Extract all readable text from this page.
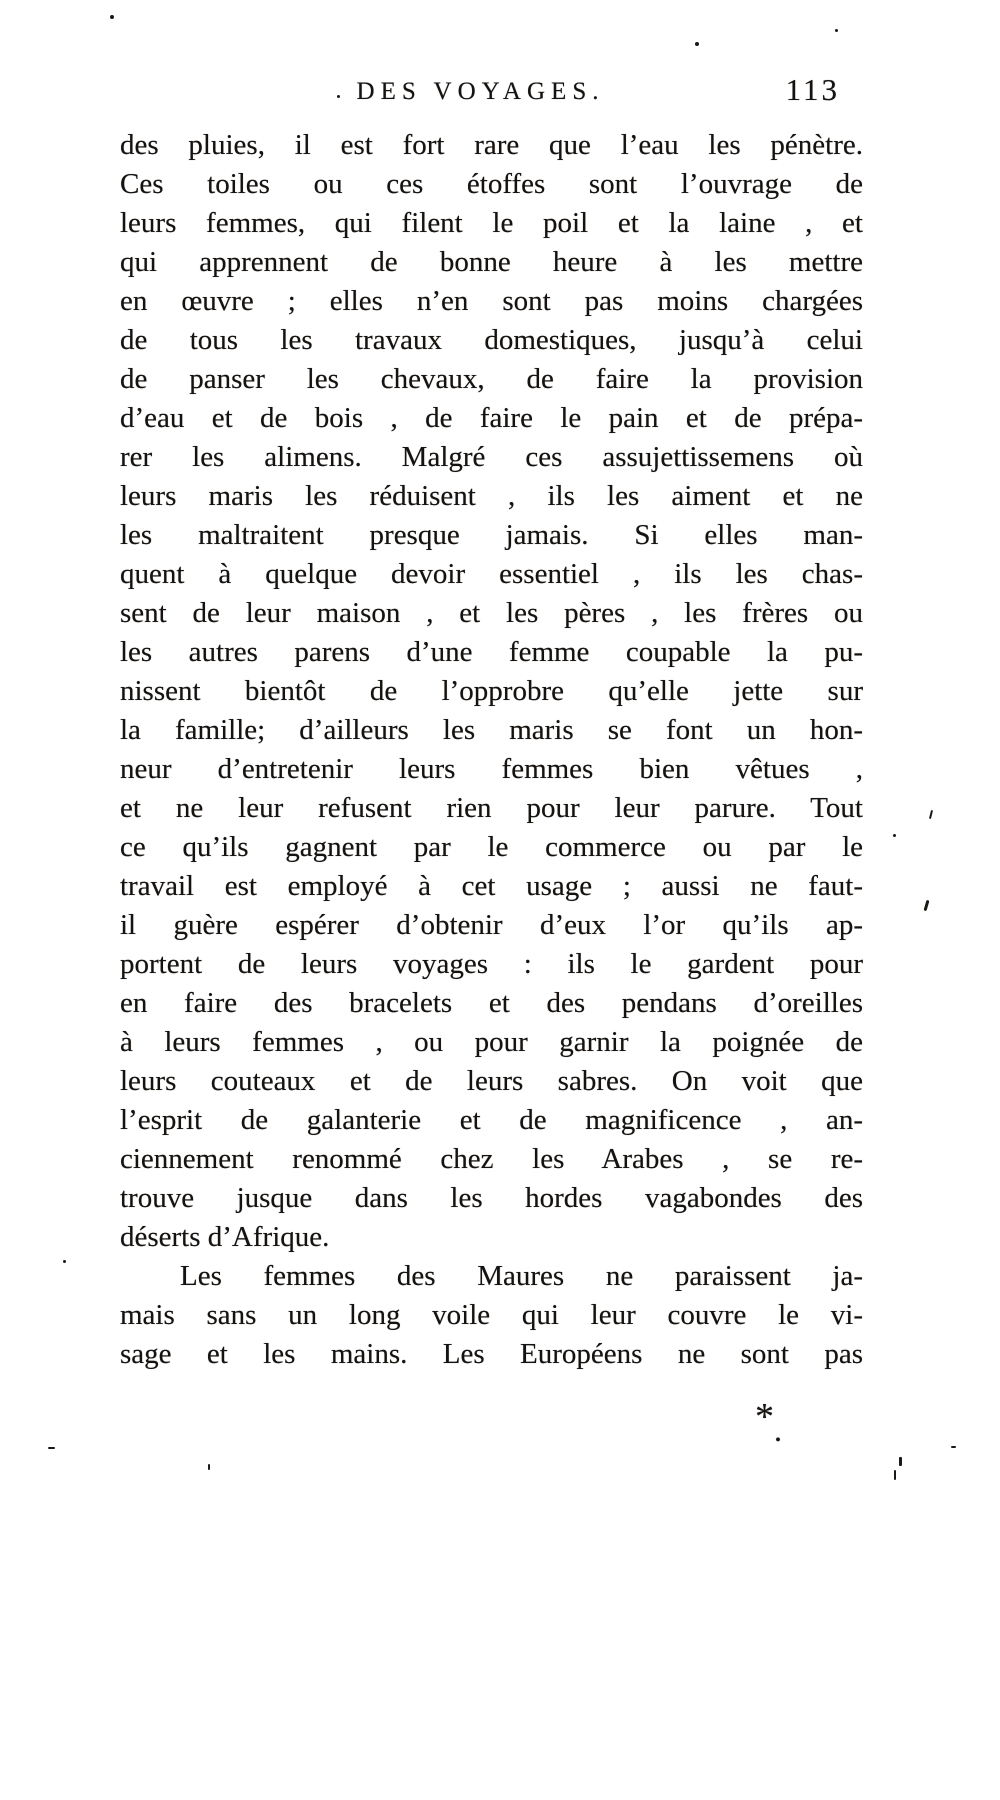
DES VOYAGES.	113
des pluies, il est fort rare que l’eau les pénètre.
Ces toiles ou ces étoffes sont l’ouvrage de
leurs femmes, qui filent le poil et la laine , et
qui apprennent de bonne heure à les mettre
en œuvre ; elles n’en sont pas moins chargées
de tous les travaux domestiques, jusqu’à celui
de panser les chevaux, de faire la provision
d’eau et de bois , de faire le pain et de prépa-
rer les alimens. Malgré ces assujettissemens où
leurs maris les réduisent , ils les aiment et ne
les maltraitent presque jamais. Si elles man-
quent à quelque devoir essentiel , ils les chas-
sent de leur maison , et les pères , les frères ou
les autres parens d’une femme coupable la pu-
nissent bientôt de l’opprobre qu’elle jette sur
la famille; d’ailleurs les maris se font un hon-
neur d’entretenir leurs femmes bien vêtues ,
et ne leur refusent rien pour leur parure. Tout
ce qu’ils gagnent par le commerce ou par le
travail est employé à cet usage ; aussi ne faut-
il guère espérer d’obtenir d’eux l’or qu’ils ap-
portent de leurs voyages : ils le gardent pour
en faire des bracelets et des pendans d’oreilles
à leurs femmes , ou pour garnir la poignée de
leurs couteaux et de leurs sabres. On voit que
l’esprit de galanterie et de magnificence , an-
ciennement renommé chez les Arabes , se re-
trouve jusque dans les hordes vagabondes des
déserts d’Afrique.
Les femmes des Maures ne paraissent ja-
mais sans un long voile qui leur couvre le vi-
sage et les mains. Les Européens ne sont pas
* .
